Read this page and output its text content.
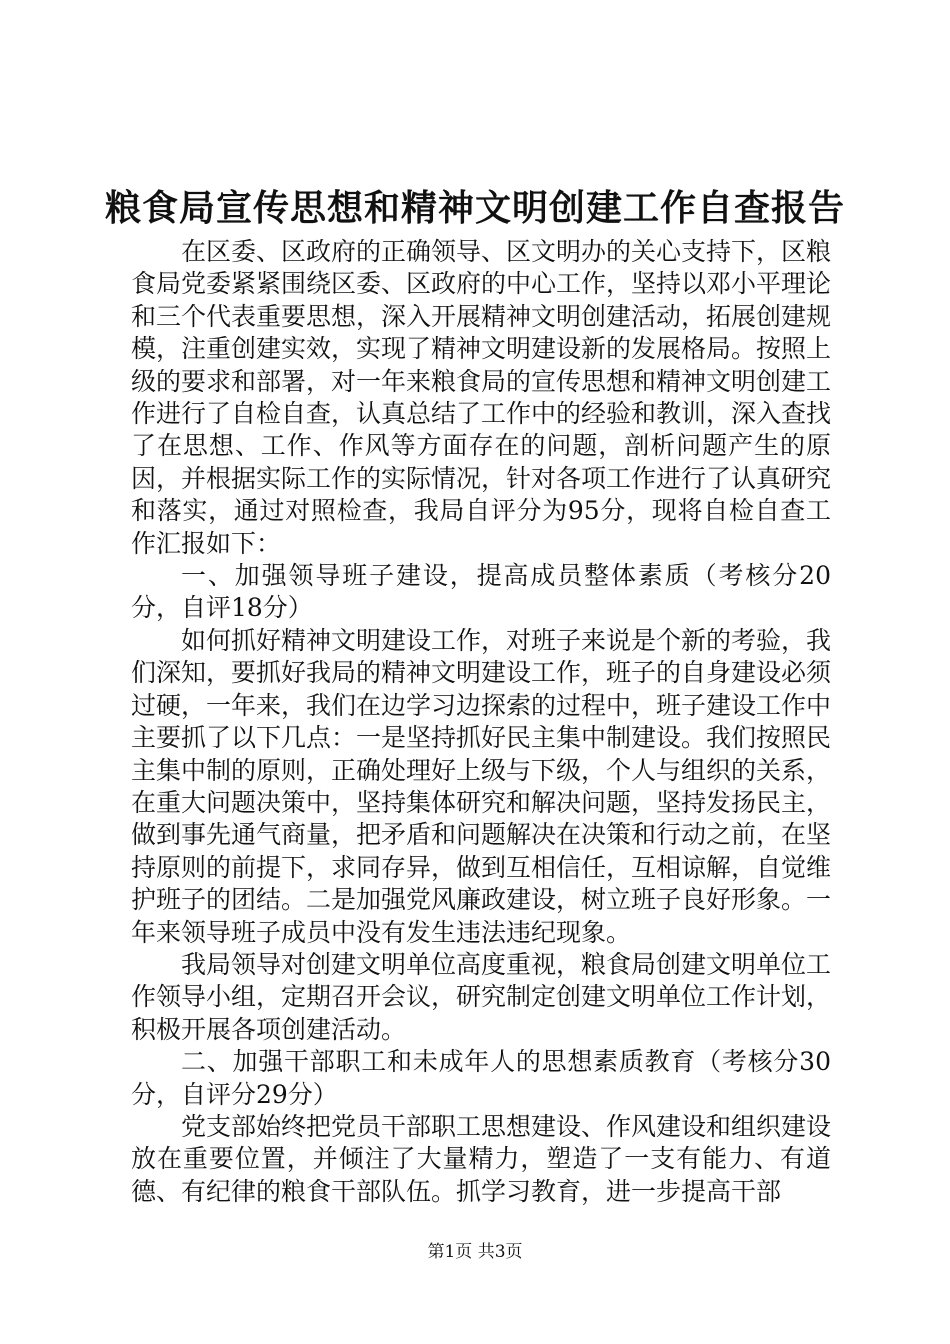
粮食局宣传思想和精神文明创建工作自查报告

在区委、区政府的正确领导、区文明办的关心支持下，区粮食局党委紧紧围绕区委、区政府的中心工作，坚持以邓小平理论和三个代表重要思想，深入开展精神文明创建活动，拓展创建规模，注重创建实效，实现了精神文明建设新的发展格局。按照上级的要求和部署，对一年来粮食局的宣传思想和精神文明创建工作进行了自检自查，认真总结了工作中的经验和教训，深入查找了在思想、工作、作风等方面存在的问题，剖析问题产生的原因，并根据实际工作的实际情况，针对各项工作进行了认真研究和落实，通过对照检查，我局自评分为95分，现将自检自查工作汇报如下：

一、加强领导班子建设，提高成员整体素质（考核分20分，自评18分）

如何抓好精神文明建设工作，对班子来说是个新的考验，我们深知，要抓好我局的精神文明建设工作，班子的自身建设必须过硬，一年来，我们在边学习边探索的过程中，班子建设工作中主要抓了以下几点：一是坚持抓好民主集中制建设。我们按照民主集中制的原则，正确处理好上级与下级，个人与组织的关系，在重大问题决策中，坚持集体研究和解决问题，坚持发扬民主，做到事先通气商量，把矛盾和问题解决在决策和行动之前，在坚持原则的前提下，求同存异，做到互相信任，互相谅解，自觉维护班子的团结。二是加强党风廉政建设，树立班子良好形象。一年来领导班子成员中没有发生违法违纪现象。

我局领导对创建文明单位高度重视，粮食局创建文明单位工作领导小组，定期召开会议，研究制定创建文明单位工作计划，积极开展各项创建活动。

二、加强干部职工和未成年人的思想素质教育（考核分30分，自评分29分）

党支部始终把党员干部职工思想建设、作风建设和组织建设放在重要位置，并倾注了大量精力，塑造了一支有能力、有道德、有纪律的粮食干部队伍。抓学习教育，进一步提高干部

第1页 共3页
